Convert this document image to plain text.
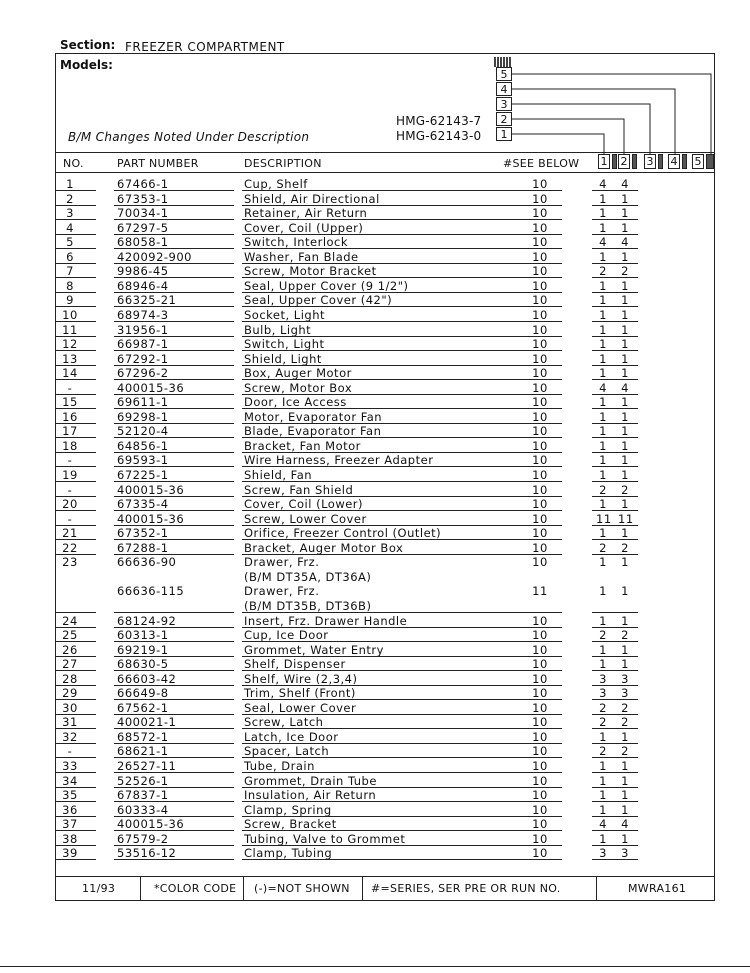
Section: FREEZER COMPARTMENT
Models:
B/M Changes Noted Under Description
HMG-62143-7
HMG-62143-0
5
4
3
2
1
NO.	PART NUMBER	DESCRIPTION	#SEE BELOW 1 2 3 4 5
1	67466-1	Cup, Shelf	10	4 4
2	67353-1	Shield, Air Directional	10	1 1
3	70034-1	Retainer, Air Return	10	1 1
4	67297-5	Cover, Coil (Upper)	10	1 1
5	68058-1	Switch, Interlock	10	4 4
6	420092-900	Washer, Fan Blade	10	1 1
7	9986-45	Screw, Motor Bracket	10	2 2
8	68946-4	Seal, Upper Cover (9 1/2")	10	1 1
9	66325-21	Seal, Upper Cover (42")	10	1 1
10	68974-3	Socket, Light	10	1 1
11	31956-1	Bulb, Light	10	1 1
12	66987-1	Switch, Light	10	1 1
13	67292-1	Shield, Light	10	1 1
14	67296-2	Box, Auger Motor	10	1 1
-	400015-36	Screw, Motor Box	10	4 4
15	69611-1	Door, Ice Access	10	1 1
16	69298-1	Motor, Evaporator Fan	10	1 1
17	52120-4	Blade, Evaporator Fan	10	1 1
18	64856-1	Bracket, Fan Motor	10	1 1
-	69593-1	Wire Harness, Freezer Adapter	10	1 1
19	67225-1	Shield, Fan	10	1 1
-	400015-36	Screw, Fan Shield	10	2 2
20	67335-4	Cover, Coil (Lower)	10	1 1
-	400015-36	Screw, Lower Cover	10	11 11
21	67352-1	Orifice, Freezer Control (Outlet)	10	1 1
22	67288-1	Bracket, Auger Motor Box	10	2 2
23	66636-90	Drawer, Frz.	10	1 1
(B/M DT35A, DT36A)
66636-115	Drawer, Frz.	11	1 1
(B/M DT35B, DT36B)
24	68124-92	Insert, Frz. Drawer Handle	10	1 1
25	60313-1	Cup, Ice Door	10	2 2
26	69219-1	Grommet, Water Entry	10	1 1
27	68630-5	Shelf, Dispenser	10	1 1
28	66603-42	Shelf, Wire (2,3,4)	10	3 3
29	66649-8	Trim, Shelf (Front)	10	3 3
30	67562-1	Seal, Lower Cover	10	2 2
31	400021-1	Screw, Latch	10	2 2
32	68572-1	Latch, Ice Door	10	1 1
-	68621-1	Spacer, Latch	10	2 2
33	26527-11	Tube, Drain	10	1 1
34	52526-1	Grommet, Drain Tube	10	1 1
35	67837-1	Insulation, Air Return	10	1 1
36	60333-4	Clamp, Spring	10	1 1
37	400015-36	Screw, Bracket	10	4 4
38	67579-2	Tubing, Valve to Grommet	10	1 1
39	53516-12	Clamp, Tubing	10	3 3
11/93	*COLOR CODE (-)=NOT SHOWN #=SERIES, SER PRE OR RUN NO.	MWRA161
